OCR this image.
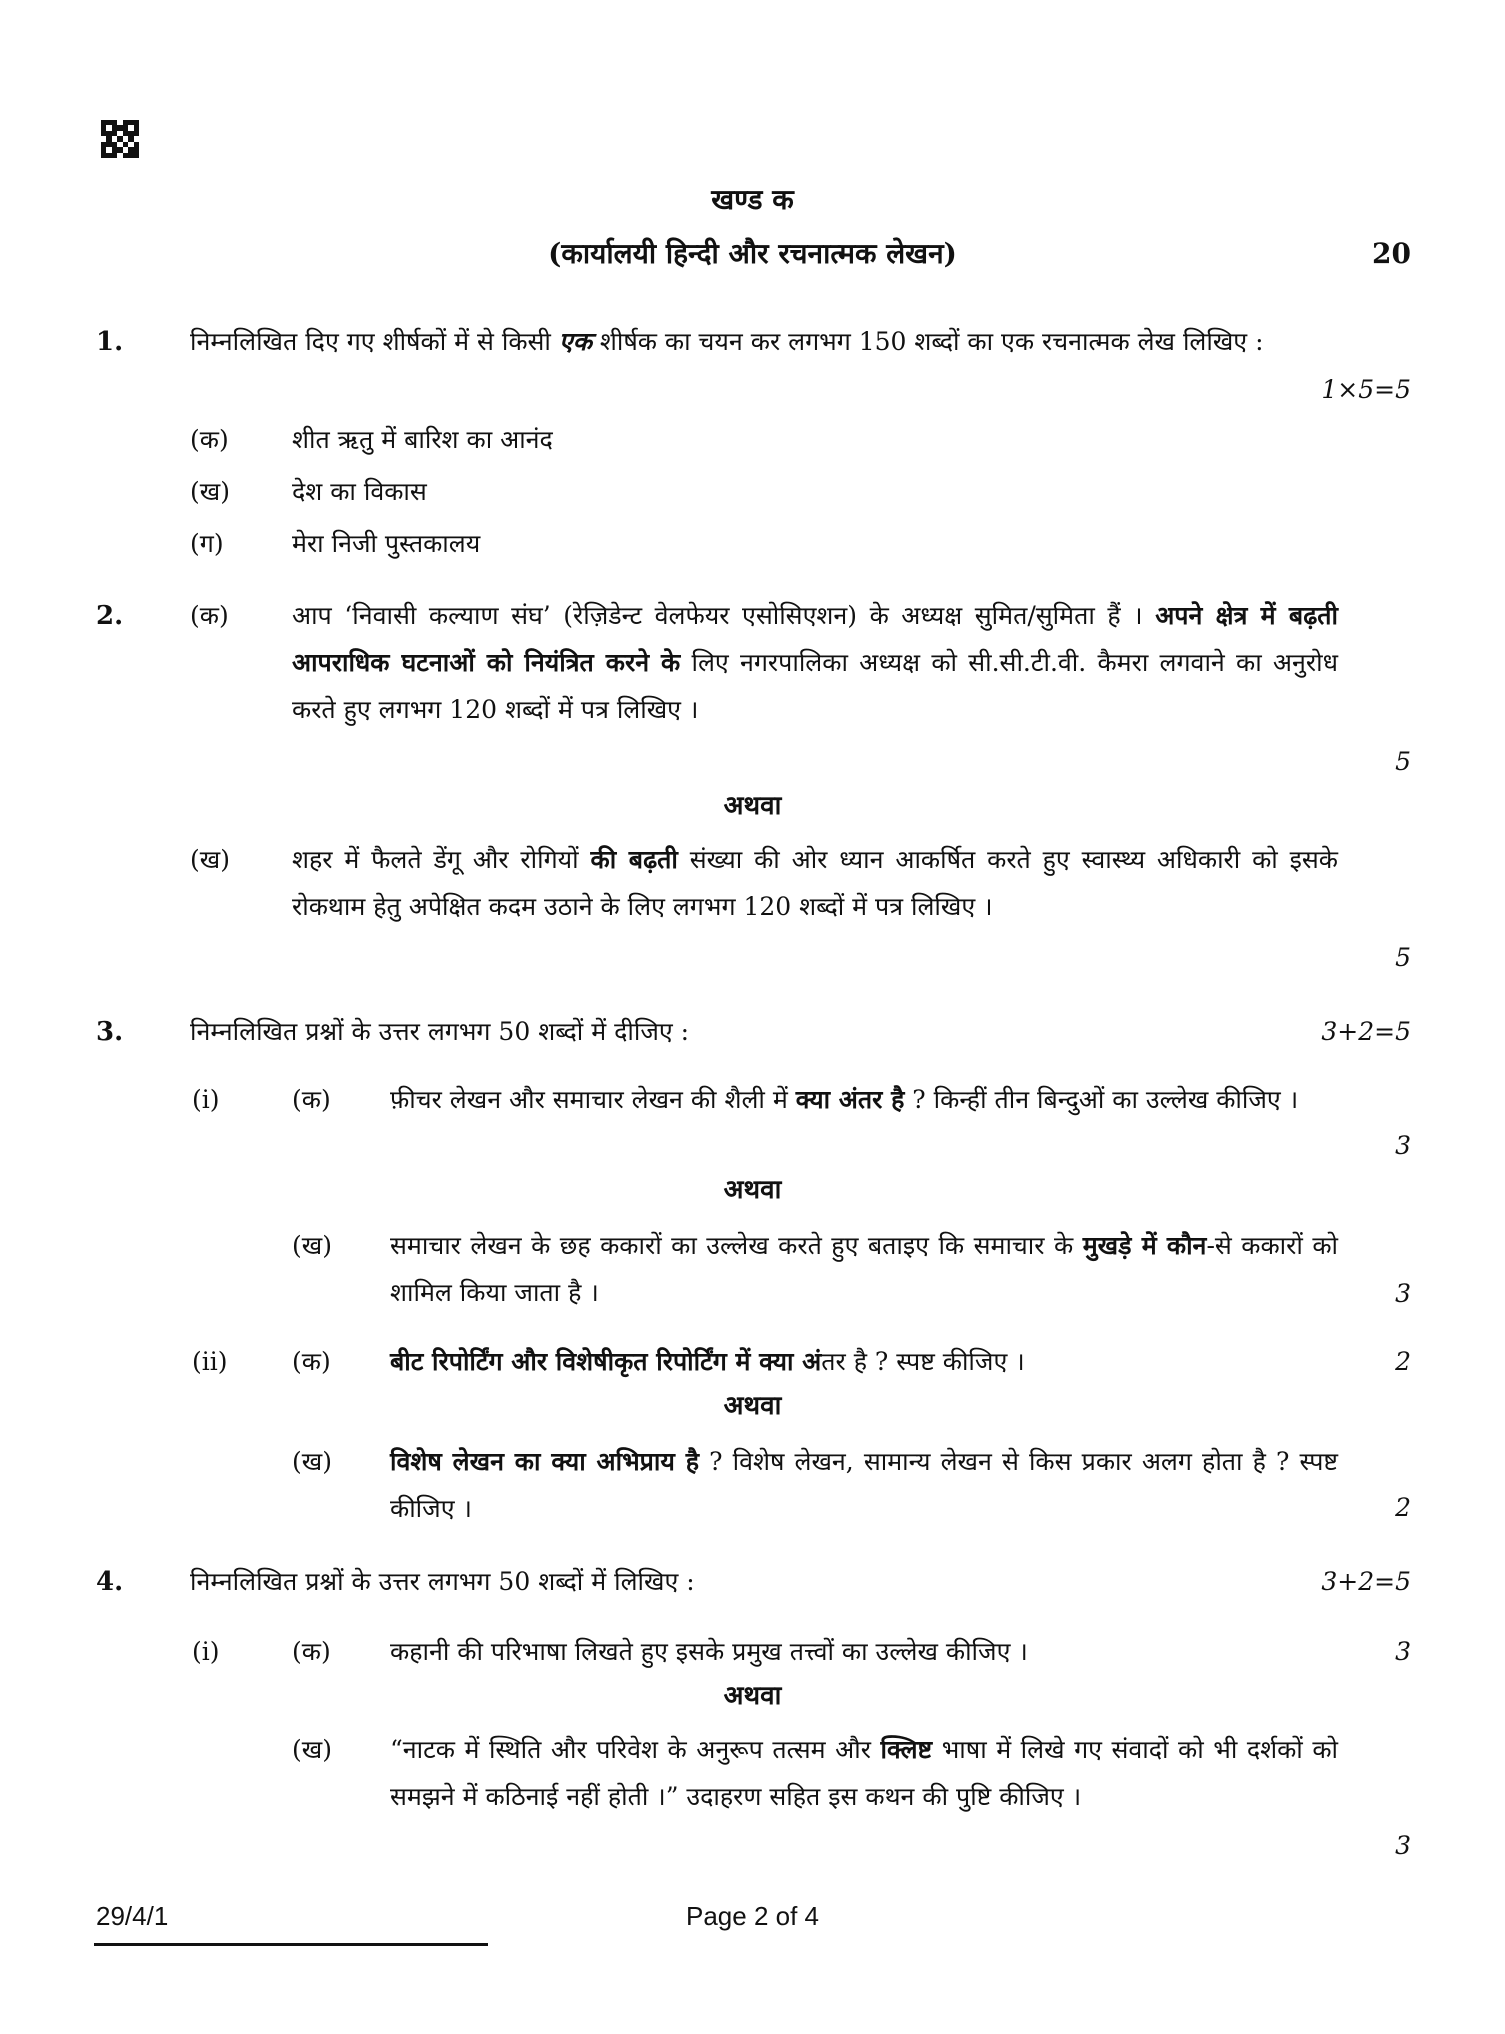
खण्ड क
(कार्यालयी हिन्दी और रचनात्मक लेखन)	20
1.	निम्नलिखित दिए गए शीर्षकों में से किसी एक शीर्षक का चयन कर लगभग 150 शब्दों का एक रचनात्मक लेख लिखिए :
1×5=5
(क)	शीत ऋतु में बारिश का आनंद
(ख) देश का विकास
(ग)	मेरा निजी पुस्तकालय
2.	(क)	आप ‘निवासी कल्याण संघ’ (रेज़िडेन्ट वेलफेयर एसोसिएशन) के अध्यक्ष सुमित/सुमिता हैं । अपने क्षेत्र में बढ़ती आपराधिक घटनाओं को नियंत्रित करने के लिए नगरपालिका अध्यक्ष को सी.सी.टी.वी. कैमरा लगवाने का अनुरोध करते हुए लगभग 120 शब्दों में पत्र लिखिए ।
5
अथवा
(ख) शहर में फैलते डेंगू और रोगियों की बढ़ती संख्या की ओर ध्यान आकर्षित करते हुए स्वास्थ्य अधिकारी को इसके रोकथाम हेतु अपेक्षित कदम उठाने के लिए लगभग 120 शब्दों में पत्र लिखिए ।
5
3.	निम्नलिखित प्रश्नों के उत्तर लगभग 50 शब्दों में दीजिए :	3+2=5
(i)	(क) फ़ीचर लेखन और समाचार लेखन की शैली में क्या अंतर है ? किन्हीं तीन बिन्दुओं का उल्लेख कीजिए ।
3
अथवा
(ख) समाचार लेखन के छह ककारों का उल्लेख करते हुए बताइए कि समाचार के मुखड़े में कौन-से ककारों को शामिल किया जाता है ।	3
(ii)	(क) बीट रिपोर्टिंग और विशेषीकृत रिपोर्टिंग में क्या अंतर है ? स्पष्ट कीजिए ।	2
अथवा
(ख) विशेष लेखन का क्या अभिप्राय है ? विशेष लेखन, सामान्य लेखन से किस प्रकार अलग होता है ? स्पष्ट कीजिए ।	2
4.	निम्नलिखित प्रश्नों के उत्तर लगभग 50 शब्दों में लिखिए :	3+2=5
(i)	(क) कहानी की परिभाषा लिखते हुए इसके प्रमुख तत्त्वों का उल्लेख कीजिए ।	3
अथवा
(ख) “नाटक में स्थिति और परिवेश के अनुरूप तत्सम और क्लिष्ट भाषा में लिखे गए संवादों को भी दर्शकों को समझने में कठिनाई नहीं होती ।” उदाहरण सहित इस कथन की पुष्टि कीजिए ।
3
29/4/1	Page 2 of 4
